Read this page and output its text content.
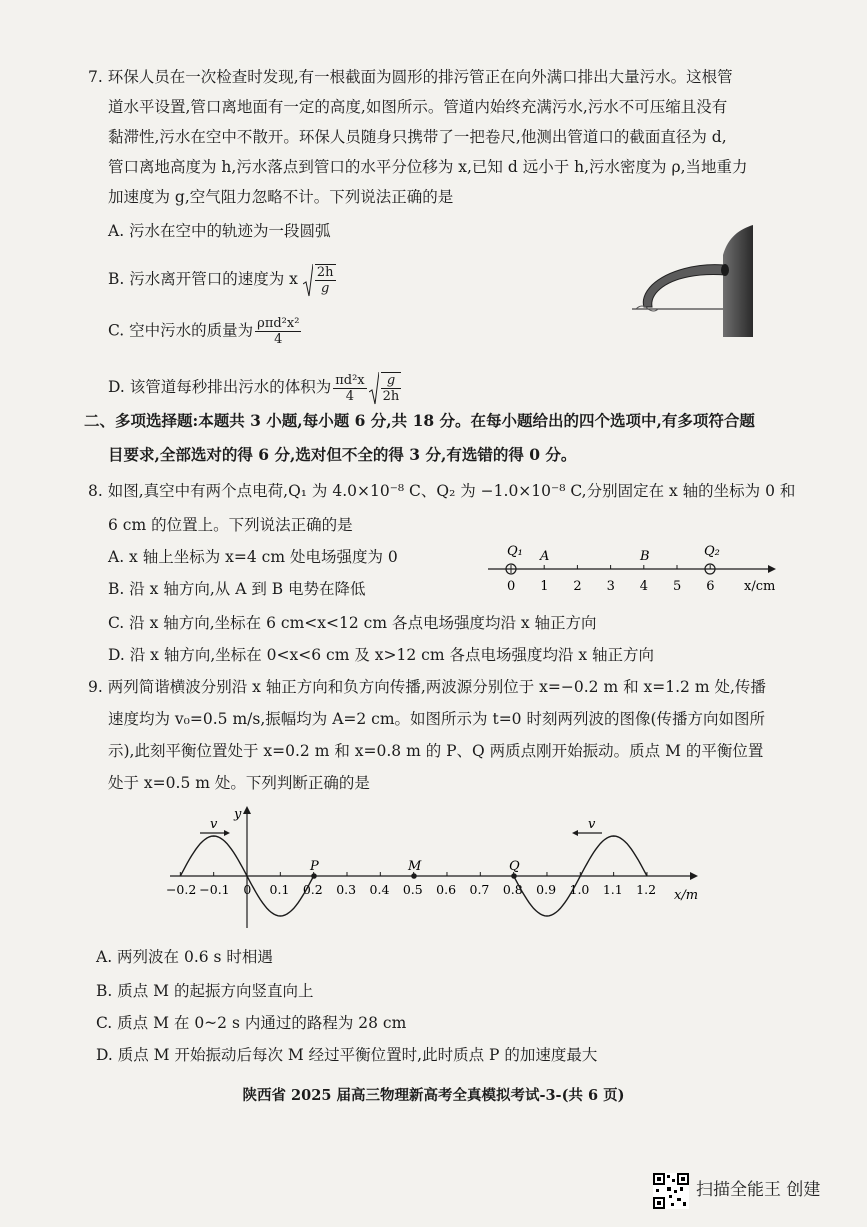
7. 环保人员在一次检查时发现,有一根截面为圆形的排污管正在向外满口排出大量污水。这根管
道水平设置,管口离地面有一定的高度,如图所示。管道内始终充满污水,污水不可压缩且没有
黏滞性,污水在空中不散开。环保人员随身只携带了一把卷尺,他测出管道口的截面直径为 d,
管口离地高度为 h,污水落点到管口的水平分位移为 x,已知 d 远小于 h,污水密度为 ρ,当地重力
加速度为 g,空气阻力忽略不计。下列说法正确的是
A. 污水在空中的轨迹为一段圆弧
B. 污水离开管口的速度为 x $\frac{2h}{g}$
C. 空中污水的质量为 $\frac{\text{ρπd²x²}}{4}$
D. 该管道每秒排出污水的体积为 $\frac{\text{πd²x}}{4} \frac{g}{2h}$
二、多项选择题:本题共 3 小题,每小题 6 分,共 18 分。在每小题给出的四个选项中,有多项符合题
目要求,全部选对的得 6 分,选对但不全的得 3 分,有选错的得 0 分。
8. 如图,真空中有两个点电荷,Q₁ 为 4.0×10⁻⁸ C、Q₂ 为 −1.0×10⁻⁸ C,分别固定在 x 轴的坐标为 0 和
6 cm 的位置上。下列说法正确的是
A. x 轴上坐标为 x=4 cm 处电场强度为 0
B. 沿 x 轴方向,从 A 到 B 电势在降低
C. 沿 x 轴方向,坐标在 6 cm<x<12 cm 各点电场强度均沿 x 轴正方向
D. 沿 x 轴方向,坐标在 0<x<6 cm 及 x>12 cm 各点电场强度均沿 x 轴正方向
0 1 2 3 4 5 6
Q₁ A	B	Q₂
x/cm
9. 两列简谐横波分别沿 x 轴正方向和负方向传播,两波源分别位于 x=−0.2 m 和 x=1.2 m 处,传播
速度均为 v₀=0.5 m/s,振幅均为 A=2 cm。如图所示为 t=0 时刻两列波的图像(传播方向如图所
示),此刻平衡位置处于 x=0.2 m 和 x=0.8 m 的 P、Q 两质点刚开始振动。质点 M 的平衡位置
处于 x=0.5 m 处。下列判断正确的是
y
x/m
−0.2 −0.1 0 0.1 0.2 0.3 0.4 0.5 0.6 0.7 0.8 0.9 1.0 1.1 1.2
P	M	Q
v	v
A. 两列波在 0.6 s 时相遇
B. 质点 M 的起振方向竖直向上
C. 质点 M 在 0~2 s 内通过的路程为 28 cm
D. 质点 M 开始振动后每次 M 经过平衡位置时,此时质点 P 的加速度最大
陕西省 2025 届高三物理新高考全真模拟考试-3-(共 6 页)
扫描全能王 创建
